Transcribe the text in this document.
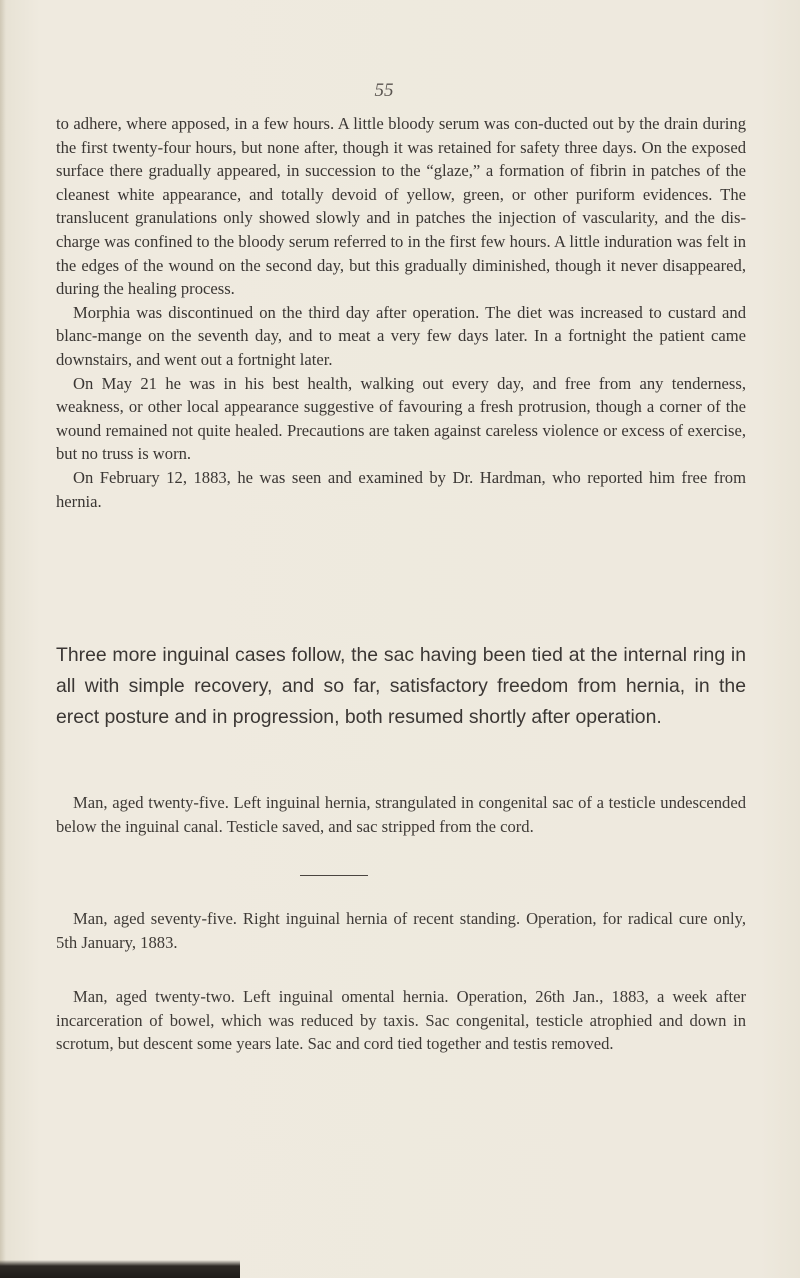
55

to adhere, where apposed, in a few hours. A little bloody serum was con-ducted out by the drain during the first twenty-four hours, but none after, though it was retained for safety three days. On the exposed surface there gradually appeared, in succession to the “glaze,” a formation of fibrin in patches of the cleanest white appearance, and totally devoid of yellow, green, or other puriform evidences. The translucent granulations only showed slowly and in patches the injection of vascularity, and the dis-charge was confined to the bloody serum referred to in the first few hours. A little induration was felt in the edges of the wound on the second day, but this gradually diminished, though it never disappeared, during the healing process.

Morphia was discontinued on the third day after operation. The diet was increased to custard and blanc-mange on the seventh day, and to meat a very few days later. In a fortnight the patient came downstairs, and went out a fortnight later.

On May 21 he was in his best health, walking out every day, and free from any tenderness, weakness, or other local appearance suggestive of favouring a fresh protrusion, though a corner of the wound remained not quite healed. Precautions are taken against careless violence or excess of exercise, but no truss is worn.

On February 12, 1883, he was seen and examined by Dr. Hardman, who reported him free from hernia.

Three more inguinal cases follow, the sac having been tied at the internal ring in all with simple recovery, and so far, satisfactory freedom from hernia, in the erect posture and in progression, both resumed shortly after operation.

Man, aged twenty-five. Left inguinal hernia, strangulated in congenital sac of a testicle undescended below the inguinal canal. Testicle saved, and sac stripped from the cord.

Man, aged seventy-five. Right inguinal hernia of recent standing. Operation, for radical cure only, 5th January, 1883.

Man, aged twenty-two. Left inguinal omental hernia. Operation, 26th Jan., 1883, a week after incarceration of bowel, which was reduced by taxis. Sac congenital, testicle atrophied and down in scrotum, but descent some years late. Sac and cord tied together and testis removed.
